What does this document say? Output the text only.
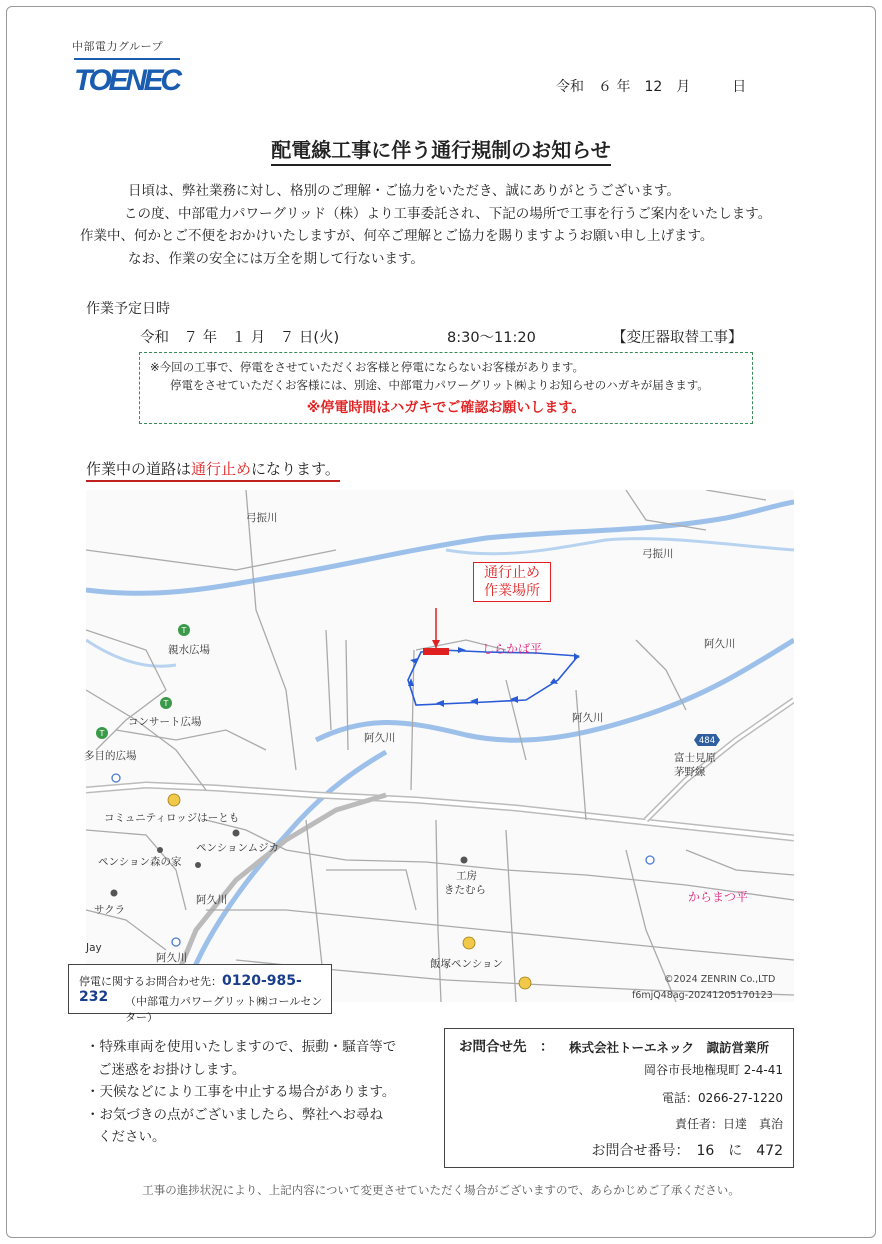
中部電力グループ
TOENEC	令和　６ 年　12　月　　　日
配電線工事に伴う通行規制のお知らせ
日頃は、弊社業務に対し、格別のご理解・ご協力をいただき、誠にありがとうございます。
この度、中部電力パワーグリッド（株）より工事委託され、下記の場所で工事を行うご案内をいたします。
作業中、何かとご不便をおかけいたしますが、何卒ご理解とご協力を賜りますようお願い申し上げます。
なお、作業の安全には万全を期して行ないます。
作業予定日時
令和　７ 年　１ 月　７ 日(火)	8:30～11:20	【変圧器取替工事】
※今回の工事で、停電をさせていただくお客様と停電にならないお客様があります。
停電をさせていただくお客様には、別途、中部電力パワーグリット㈱よりお知らせのハガキが届きます。
※停電時間はハガキでご確認お願いします。
作業中の道路は通行止めになります。
T
T
T
484
通行止め
作業場所
弓振川
弓振川
親水広場
コンサート広場
多目的広場
しらかば平	阿久川
阿久川
阿久川
阿久川
阿久川
富士見原
茅野線
コミュニティロッジはーとも
ペンションムジカ
ペンション森の家
工房
きたむら
サクラ
からまつ平
Jay
飯塚ペンション
©2024 ZENRIN Co.,LTD
f6mjQ48ag-20241205170123
停電に関するお問合わせ先：0120-985-232	（中部電力パワーグリット㈱コールセンター）
・特殊車両を使用いたしますので、振動・騒音等で
ご迷惑をお掛けします。
・天候などにより工事を中止する場合があります。
・お気づきの点がございましたら、弊社へお尋ね
ください。
お問合せ先　： 株式会社トーエネック　諏訪営業所
岡谷市長地権現町 2-4-41
電話：0266-27-1220
責任者：日達　真治
お問合せ番号：　16　に　472
工事の進捗状況により、上記内容について変更させていただく場合がございますので、あらかじめご了承ください。
